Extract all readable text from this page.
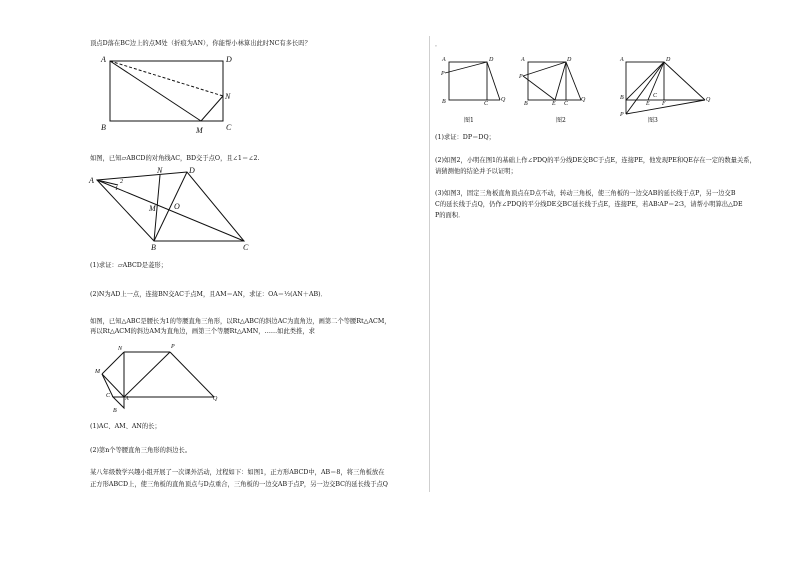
顶点D落在BC边上的点M处（折痕为AN），你能帮小林算出此时NC有多长吗？
A	D
N
B	M	C
如图，已知▱ABCD的对角线AC，BD交于点O，且∠1＝∠2.
A
N	D
2
1
M O
B	C
(1)求证：▱ABCD是菱形；
(2)N为AD上一点，连接BN交AC于点M，且AM＝AN，求证：OA＝½(AN＋AB)．
如图，已知△ABC是腰长为1的等腰直角三角形，以Rt△ABC的斜边AC为直角边，画第二个等腰Rt△ACM，
再以Rt△ACM的斜边AM为直角边，画第三个等腰Rt△AMN，……如此类推，求
N	P
M
C A
B
Q
(1)AC、AM、AN的长；
(2)第n个等腰直角三角形的斜边长。
某八年级数学兴趣小组开展了一次课外活动，过程如下：如图1，正方形ABCD中，AB＝8，将三角板放在
正方形ABCD上，使三角板的直角顶点与D点重合，三角板的一边交AB于点P，另一边交BC的延长线于点Q
．
A	D
P
B	C
Q
图1
A	D
P
B	E C
Q
图2
A	D
B	C
E F
P
Q
图3
(1)求证：DP＝DQ；
(2)如图2，小明在图1的基础上作∠PDQ的平分线DE交BC于点E，连接PE，他发现PE和QE存在一定的数量关系，
请猜测他的结论并予以证明；
(3)如图3，固定三角板直角顶点在D点不动，转动三角板，使三角板的一边交AB的延长线于点P，另一边交B
C的延长线于点Q，仍作∠PDQ的平分线DE交BC延长线于点E，连接PE，若AB∶AP＝2∶3，请帮小明算出△DE
P的面积．
